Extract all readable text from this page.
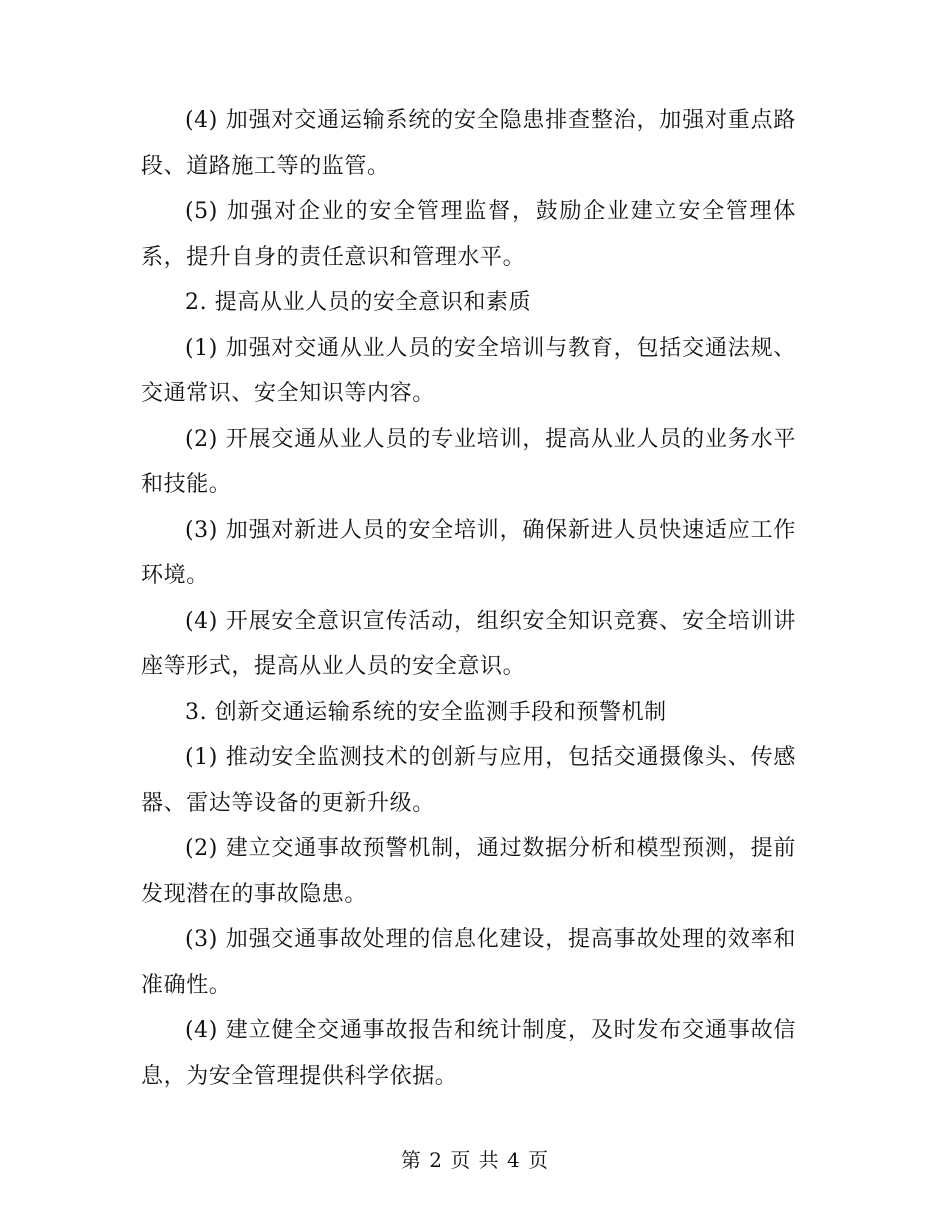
(4) 加强对交通运输系统的安全隐患排查整治，加强对重点路段、道路施工等的监管。

(5) 加强对企业的安全管理监督，鼓励企业建立安全管理体系，提升自身的责任意识和管理水平。

2. 提高从业人员的安全意识和素质

(1) 加强对交通从业人员的安全培训与教育，包括交通法规、交通常识、安全知识等内容。

(2) 开展交通从业人员的专业培训，提高从业人员的业务水平和技能。

(3) 加强对新进人员的安全培训，确保新进人员快速适应工作环境。

(4) 开展安全意识宣传活动，组织安全知识竞赛、安全培训讲座等形式，提高从业人员的安全意识。

3. 创新交通运输系统的安全监测手段和预警机制

(1) 推动安全监测技术的创新与应用，包括交通摄像头、传感器、雷达等设备的更新升级。

(2) 建立交通事故预警机制，通过数据分析和模型预测，提前发现潜在的事故隐患。

(3) 加强交通事故处理的信息化建设，提高事故处理的效率和准确性。

(4) 建立健全交通事故报告和统计制度，及时发布交通事故信息，为安全管理提供科学依据。

第 2 页 共 4 页
